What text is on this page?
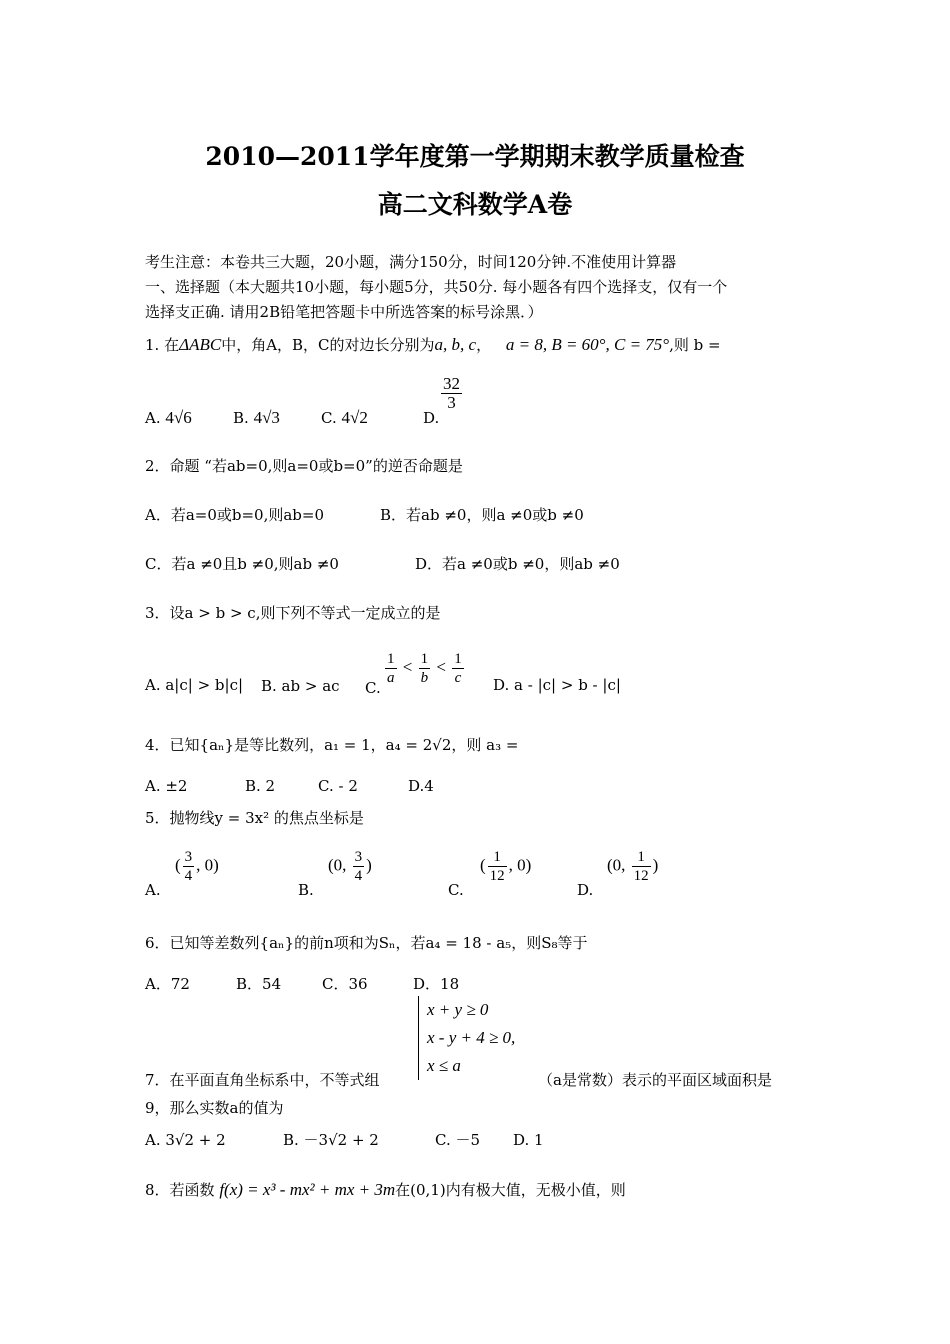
2010—2011学年度第一学期期末教学质量检查
高二文科数学A卷
考生注意：本卷共三大题，20小题，满分150分，时间120分钟.不准使用计算器
一、选择题（本大题共10小题，每小题5分，共50分. 每小题各有四个选择支，仅有一个
选择支正确. 请用2B铅笔把答题卡中所选答案的标号涂黑．）
1. 在ΔABC中，角A，B，C的对边长分别为a, b, c， a = 8, B = 60°, C = 75°,则 b =
A. 4√6	B. 4√3	C. 4√2	D.
$\frac{32}{3}$
2．命题 “若ab=0,则a=0或b=0”的逆否命题是
A．若a=0或b=0,则ab=0	B．若ab ≠0，则a ≠0或b ≠0
C．若a ≠0且b ≠0,则ab ≠0	D．若a ≠0或b ≠0，则ab ≠0
3．设a > b > c,则下列不等式一定成立的是
A. a|c| > b|c| B. ab > ac C.
$\frac{1}{a} < \frac{1}{b} < \frac{1}{c} D$. a - |c| > b - |c|
4．已知{aₙ}是等比数列，a₁ = 1，a₄ = 2√2，则 a₃ =
A. ±2	B. 2	C. - 2	D.4
5．抛物线y = 3x² 的焦点坐标是
A.
( $\frac{3}{4}$ , 0)
B.
(0, $\frac{3}{4}$ )
C.
( $\frac{1}{12}$ , 0)
D.
(0, $\frac{1}{12}$ )
6．已知等差数列{aₙ}的前n项和为Sₙ，若a₄ = 18 - a₅，则S₈等于
A．72	B．54	C．36	D．18
x + y ≥ 0
x - y + 4 ≥ 0,
x ≤ a
7．在平面直角坐标系中，不等式组	（a是常数）表示的平面区域面积是
9，那么实数a的值为
A. 3√2 + 2	B. －3√2 + 2	C. －5 D. 1
8．若函数 f(x) = x³ - mx² + mx + 3m在(0,1)内有极大值，无极小值，则
